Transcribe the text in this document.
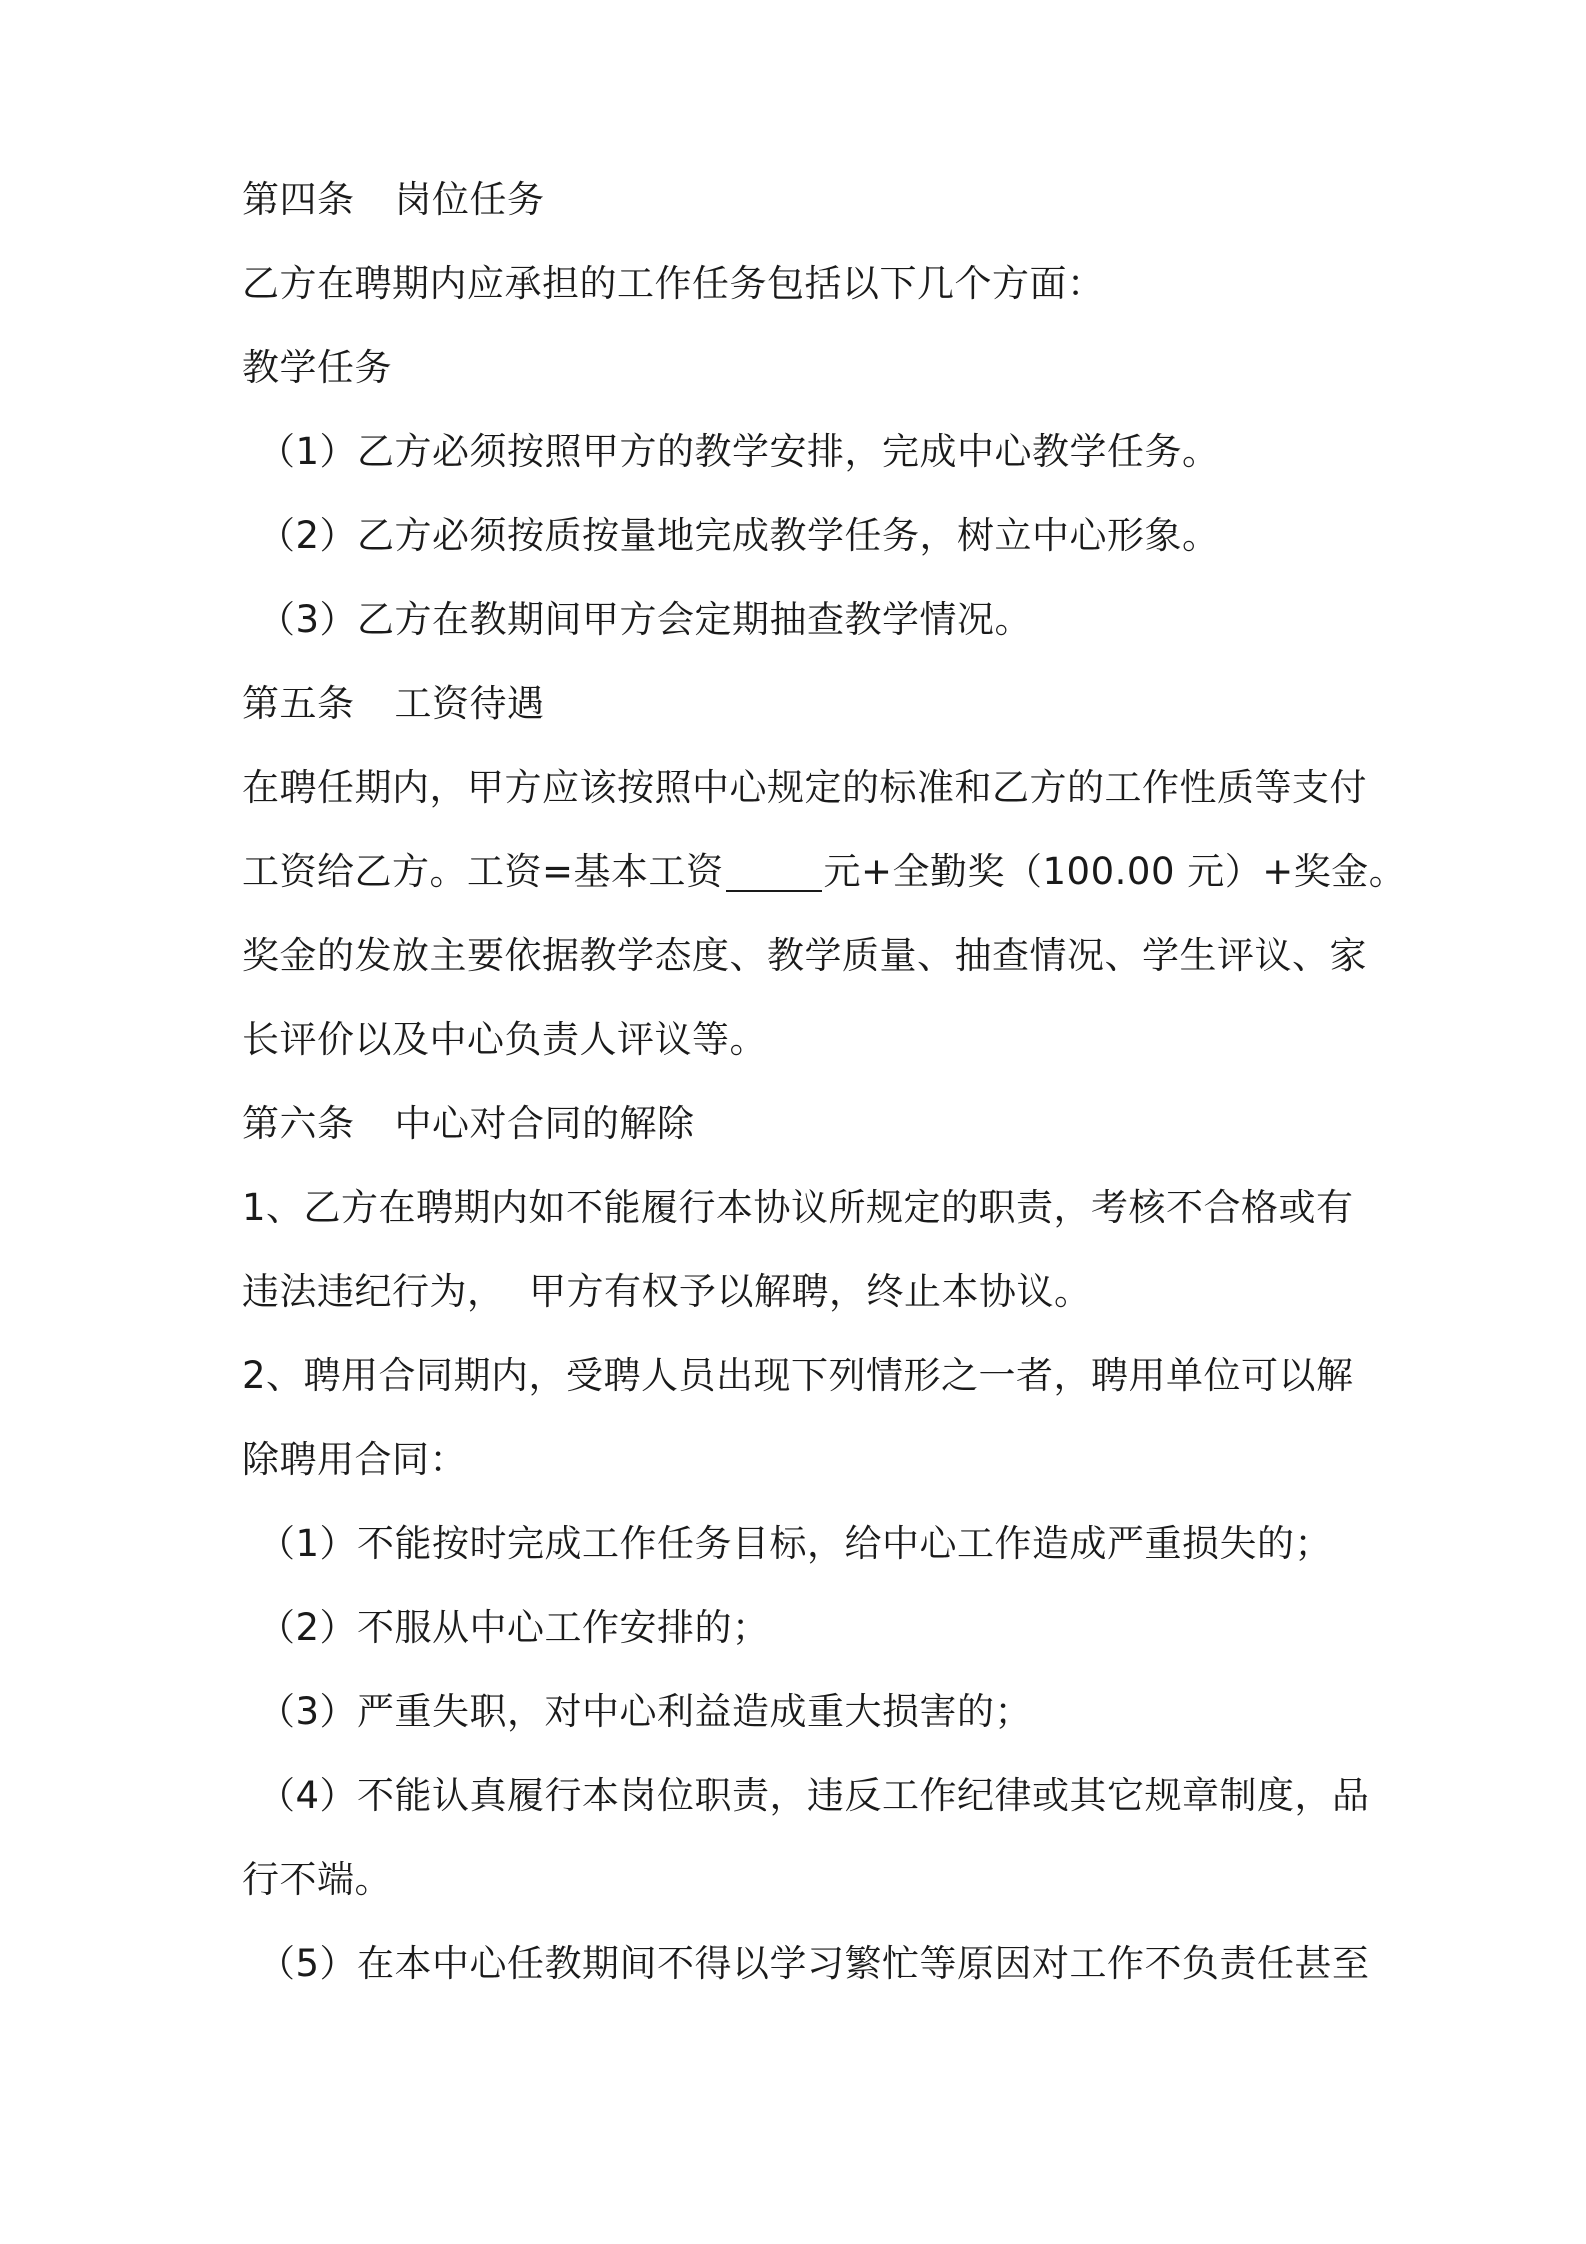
第四条 岗位任务
乙方在聘期内应承担的工作任务包括以下几个方面：
教学任务
（1）乙方必须按照甲方的教学安排，完成中心教学任务。
（2）乙方必须按质按量地完成教学任务，树立中心形象。
（3）乙方在教期间甲方会定期抽查教学情况。
第五条 工资待遇
在聘任期内，甲方应该按照中心规定的标准和乙方的工作性质等支付
工资给乙方。工资=基本工资	元+全勤奖（100.00 元）+奖金。
奖金的发放主要依据教学态度、教学质量、抽查情况、学生评议、家
长评价以及中心负责人评议等。
第六条 中心对合同的解除
1、乙方在聘期内如不能履行本协议所规定的职责，考核不合格或有
违法违纪行为，  甲方有权予以解聘，终止本协议。
2、聘用合同期内，受聘人员出现下列情形之一者，聘用单位可以解
除聘用合同：
（1）不能按时完成工作任务目标，给中心工作造成严重损失的；
（2）不服从中心工作安排的；
（3）严重失职，对中心利益造成重大损害的；
（4）不能认真履行本岗位职责，违反工作纪律或其它规章制度，品
行不端。
（5）在本中心任教期间不得以学习繁忙等原因对工作不负责任甚至
